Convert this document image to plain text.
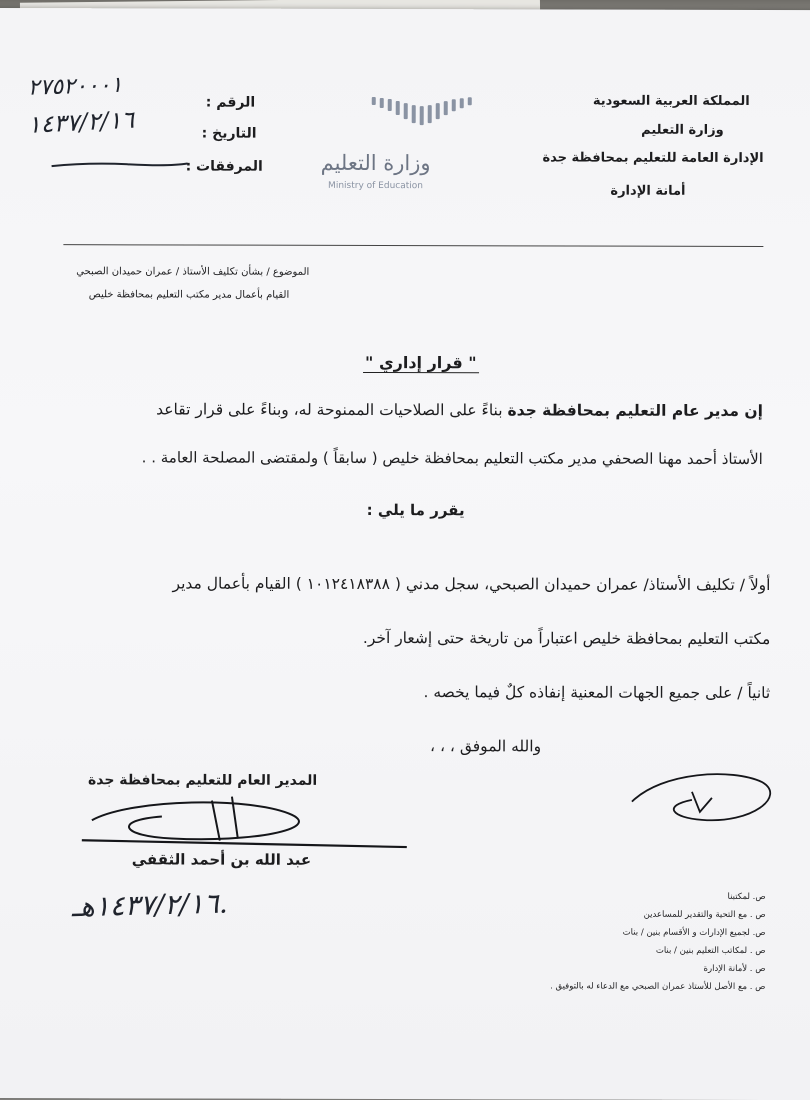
المملكة العربية السعودية
وزارة التعليم
الإدارة العامة للتعليم بمحافظة جدة
أمانة الإدارة
وزارة التعليم
Ministry of Education
الرقم :
التاريخ :
المرفقات :
٢٧٥٢٠٠٠١
١٤٣٧/٢/١٦
الموضوع / بشأن تكليف الأستاذ / عمران حميدان الصبحي
القيام بأعمال مدير مكتب التعليم بمحافظة خليص
" قرار إداري "
إن مدير عام التعليم بمحافظة جدة بناءً على الصلاحيات الممنوحة له، وبناءً على قرار تقاعد
الأستاذ أحمد مهنا الصحفي مدير مكتب التعليم بمحافظة خليص ( سابقاً ) ولمقتضى المصلحة العامة . .
يقرر ما يلي :
أولاً / تكليف الأستاذ/ عمران حميدان الصبحي، سجل مدني ( ١٠١٢٤١٨٣٨٨ ) القيام بأعمال مدير
مكتب التعليم بمحافظة خليص اعتباراً من تاريخة حتى إشعار آخر.
ثانياً / على جميع الجهات المعنية إنفاذه كلٌ فيما يخصه .
والله الموفق ، ، ،
المدير العام للتعليم بمحافظة جدة
عبد الله بن أحمد الثقفي
١٤٣٧/٢/١٦هـ.	ص. لمكتبنا
ص . مع التحية والتقدير للمساعدين
ص. لجميع الإدارات و الأقسام بنين / بنات
ص . لمكاتب التعليم بنين / بنات
ص . لأمانة الإدارة
ص . مع الأصل للأستاذ عمران الصبحي مع الدعاء له بالتوفيق .
